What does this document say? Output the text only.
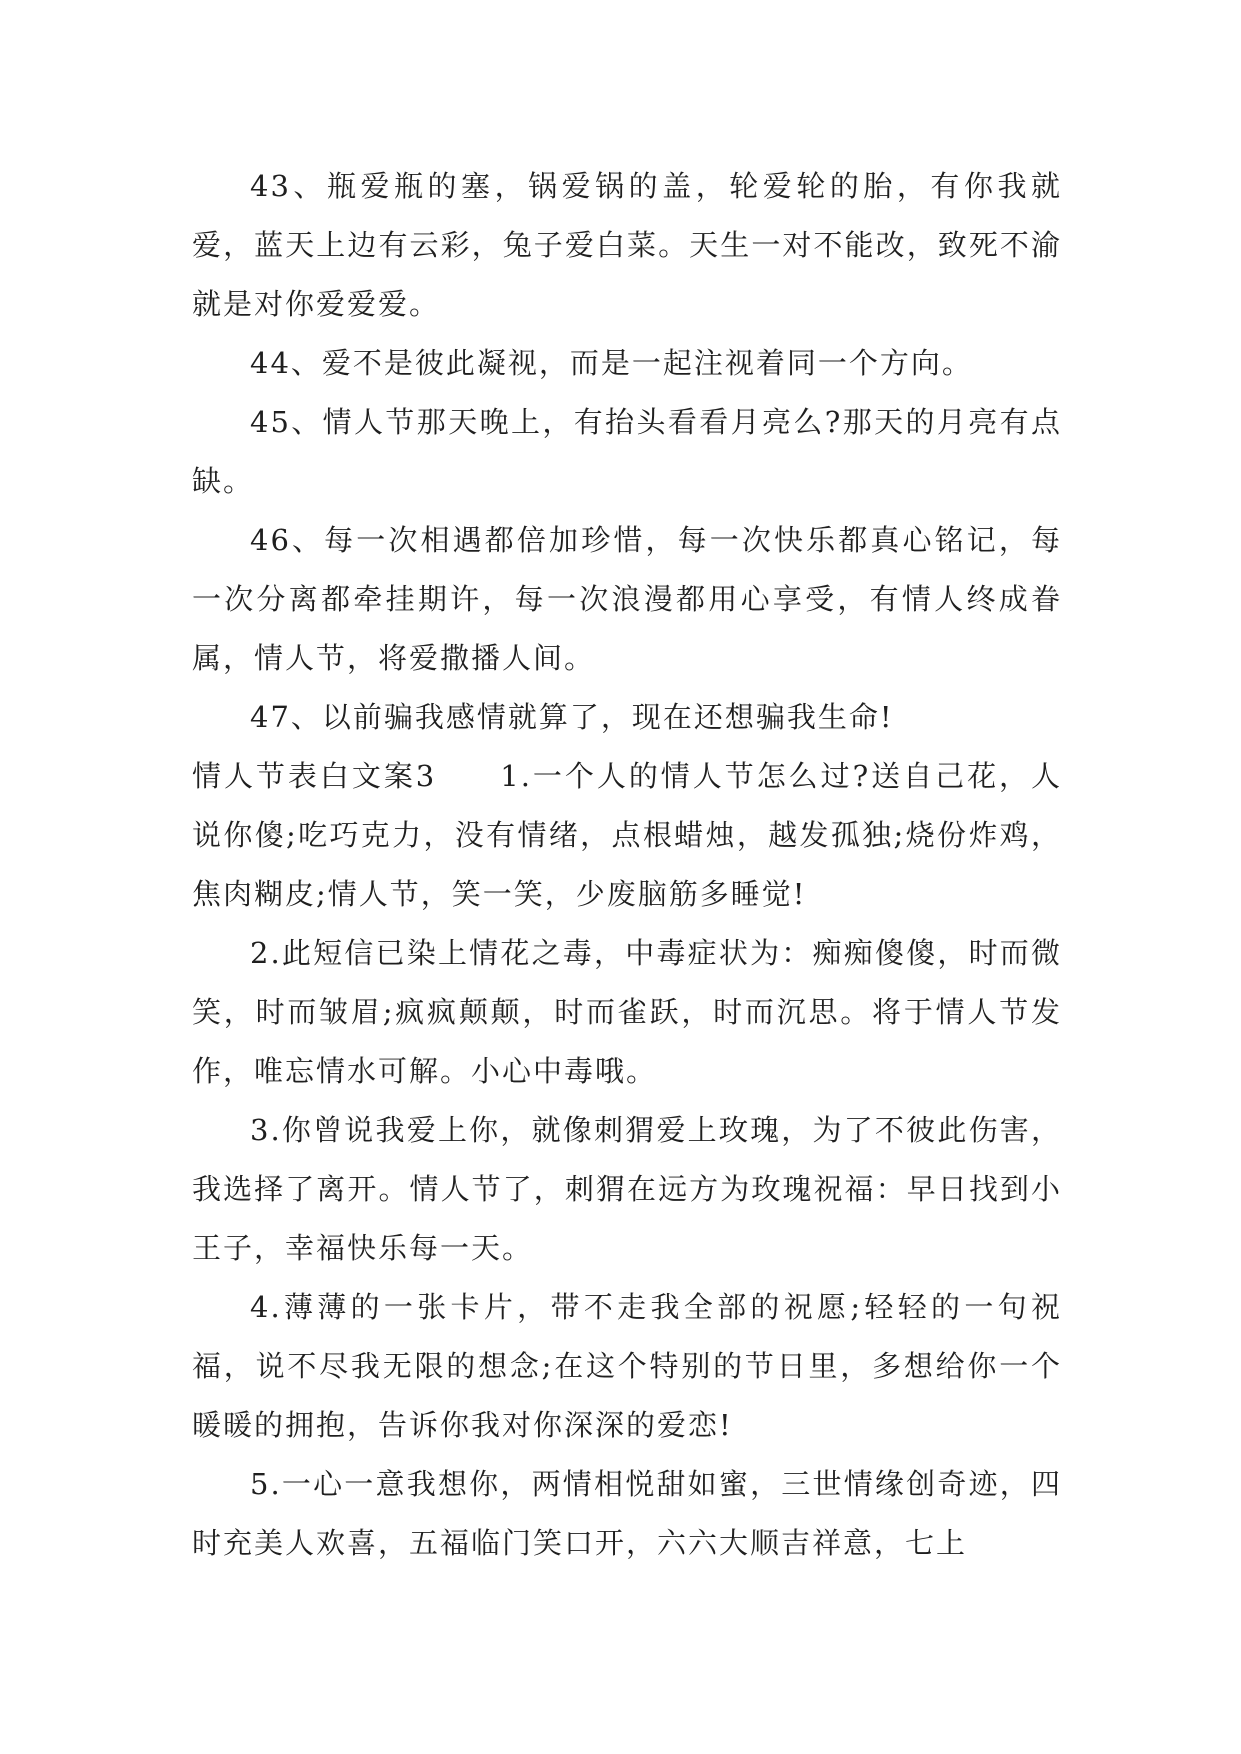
43、瓶爱瓶的塞，锅爱锅的盖，轮爱轮的胎，有你我就爱，蓝天上边有云彩，兔子爱白菜。天生一对不能改，致死不渝就是对你爱爱爱。

44、爱不是彼此凝视，而是一起注视着同一个方向。

45、情人节那天晚上，有抬头看看月亮么?那天的月亮有点缺。

46、每一次相遇都倍加珍惜，每一次快乐都真心铭记，每一次分离都牵挂期许，每一次浪漫都用心享受，有情人终成眷属，情人节，将爱撒播人间。

47、以前骗我感情就算了，现在还想骗我生命!

情人节表白文案3 1.一个人的情人节怎么过?送自己花，人说你傻;吃巧克力，没有情绪，点根蜡烛，越发孤独;烧份炸鸡，焦肉糊皮;情人节，笑一笑，少废脑筋多睡觉!

2.此短信已染上情花之毒，中毒症状为：痴痴傻傻，时而微笑，时而皱眉;疯疯颠颠，时而雀跃，时而沉思。将于情人节发作，唯忘情水可解。小心中毒哦。

3.你曾说我爱上你，就像刺猬爱上玫瑰，为了不彼此伤害，我选择了离开。情人节了，刺猬在远方为玫瑰祝福：早日找到小王子，幸福快乐每一天。

4.薄薄的一张卡片，带不走我全部的祝愿;轻轻的一句祝福，说不尽我无限的想念;在这个特别的节日里，多想给你一个暖暖的拥抱，告诉你我对你深深的爱恋!

5.一心一意我想你，两情相悦甜如蜜，三世情缘创奇迹，四时充美人欢喜，五福临门笑口开，六六大顺吉祥意，七上
